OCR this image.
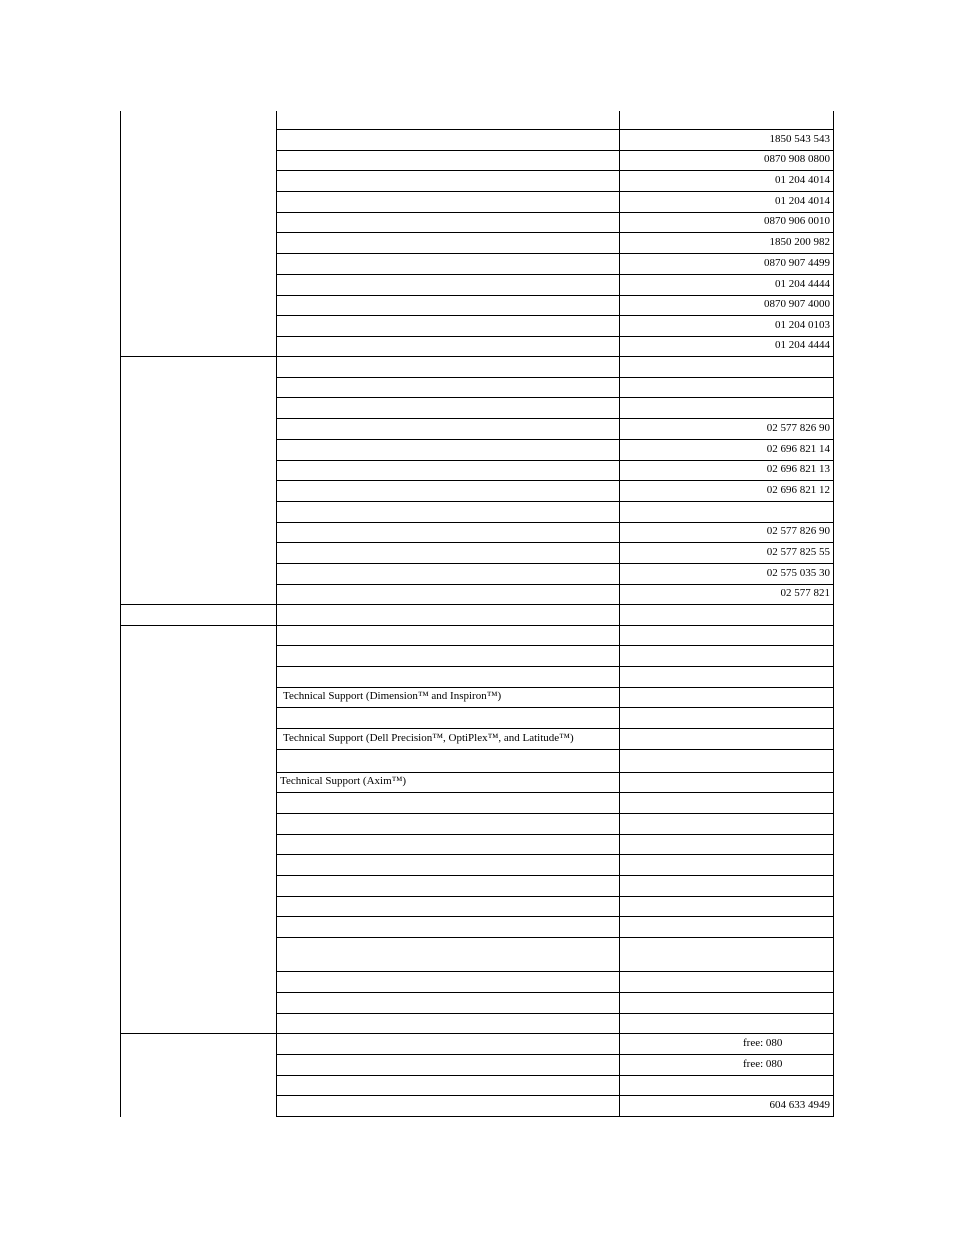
1850 543 543
0870 908 0800
01 204 4014
01 204 4014
0870 906 0010
1850 200 982
0870 907 4499
01 204 4444
0870 907 4000
01 204 0103
01 204 4444
02 577 826 90
02 696 821 14
02 696 821 13
02 696 821 12
02 577 826 90
02 577 825 55
02 575 035 30
02 577 821
Technical Support (Dimension™ and Inspiron™)
Technical Support (Dell Precision™, OptiPlex™, and Latitude™)
Technical Support (Axim™)
free: 080
free: 080
604 633 4949
